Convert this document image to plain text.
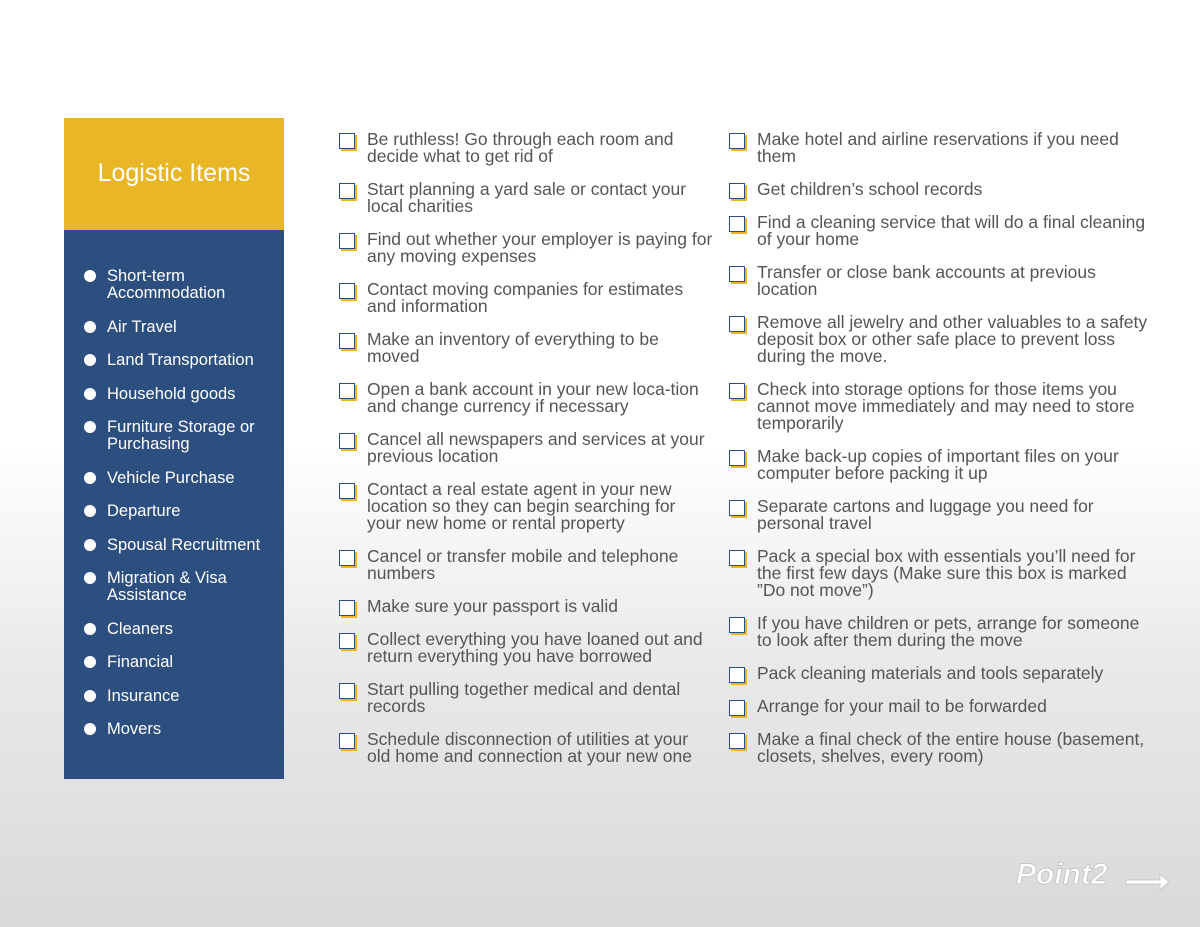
Logistic Items
Short-term Accommodation
Air Travel
Land Transportation
Household goods
Furniture Storage or Purchasing
Vehicle Purchase
Departure
Spousal Recruitment
Migration & Visa Assistance
Cleaners
Financial
Insurance
Movers
Be ruthless! Go through each room and decide what to get rid of
Start planning a yard sale or contact your local charities
Find out whether your employer is paying for any moving expenses
Contact moving companies for estimates and information
Make an inventory of everything to be moved
Open a bank account in your new loca-tion and change currency if necessary
Cancel all newspapers and services at your previous location
Contact a real estate agent in your new location so they can begin searching for your new home or rental property
Cancel or transfer mobile and telephone numbers
Make sure your passport is valid
Collect everything you have loaned out and return everything you have borrowed
Start pulling together medical and dental records
Schedule disconnection of utilities at your old home and connection at your new one
Make hotel and airline reservations if you need them
Get children’s school records
Find a cleaning service that will do a final cleaning of your home
Transfer or close bank accounts at previous location
Remove all jewelry and other valuables to a safety deposit box or other safe place to prevent loss during the move.
Check into storage options for those items you cannot move immediately and may need to store temporarily
Make back-up copies of important files on your computer before packing it up
Separate cartons and luggage you need for personal travel
Pack a special box with essentials you’ll need for the first few days (Make sure this box is marked ”Do not move”)
If you have children or pets, arrange for someone to look after them during the move
Pack cleaning materials and tools separately
Arrange for your mail to be forwarded
Make a final check of the entire house (basement, closets, shelves, every room)
Point2
